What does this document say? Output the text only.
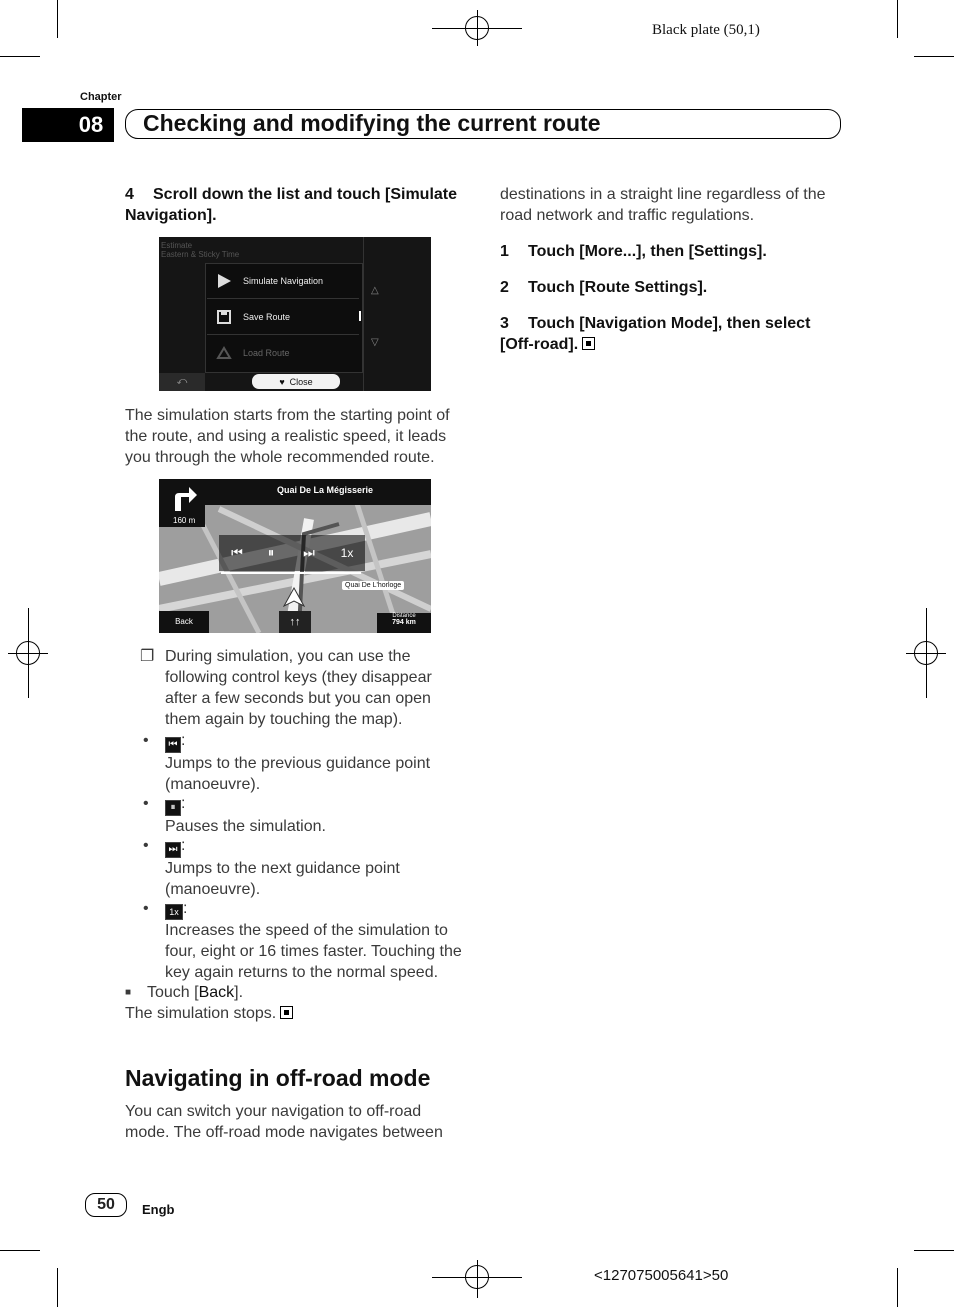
Black plate (50,1)
Chapter
08 Checking and modifying the current route
4 Scroll down the list and touch [Simulate Navigation].
Estimate
Eastern & Sticky Time
Simulate Navigation
Save Route
Load Route
△
▽
⤺	♥ Close
The simulation starts from the starting point of the route, and using a realistic speed, it leads you through the whole recommended route.
Quai De La Mégisserie
160 m
⏮	⏸	⏭	1x
Quai De L'horloge
Back	↑↑	Distance
794 km
❐ During simulation, you can use the following control keys (they disappear after a few seconds but you can open them again by touching the map).
•	⏮ :
Jumps to the previous guidance point (manoeuvre).
•	⏸ :
Pauses the simulation.
•	⏭ :
Jumps to the next guidance point (manoeuvre).
•	1x :
Increases the speed of the simulation to four, eight or 16 times faster. Touching the key again returns to the normal speed.
■ Touch [Back].
The simulation stops.
Navigating in off-road mode
You can switch your navigation to off-road mode. The off-road mode navigates between
destinations in a straight line regardless of the road network and traffic regulations.
1 Touch [More...], then [Settings].
2 Touch [Route Settings].
3 Touch [Navigation Mode], then select [Off-road].
50	Engb
<127075005641>50
